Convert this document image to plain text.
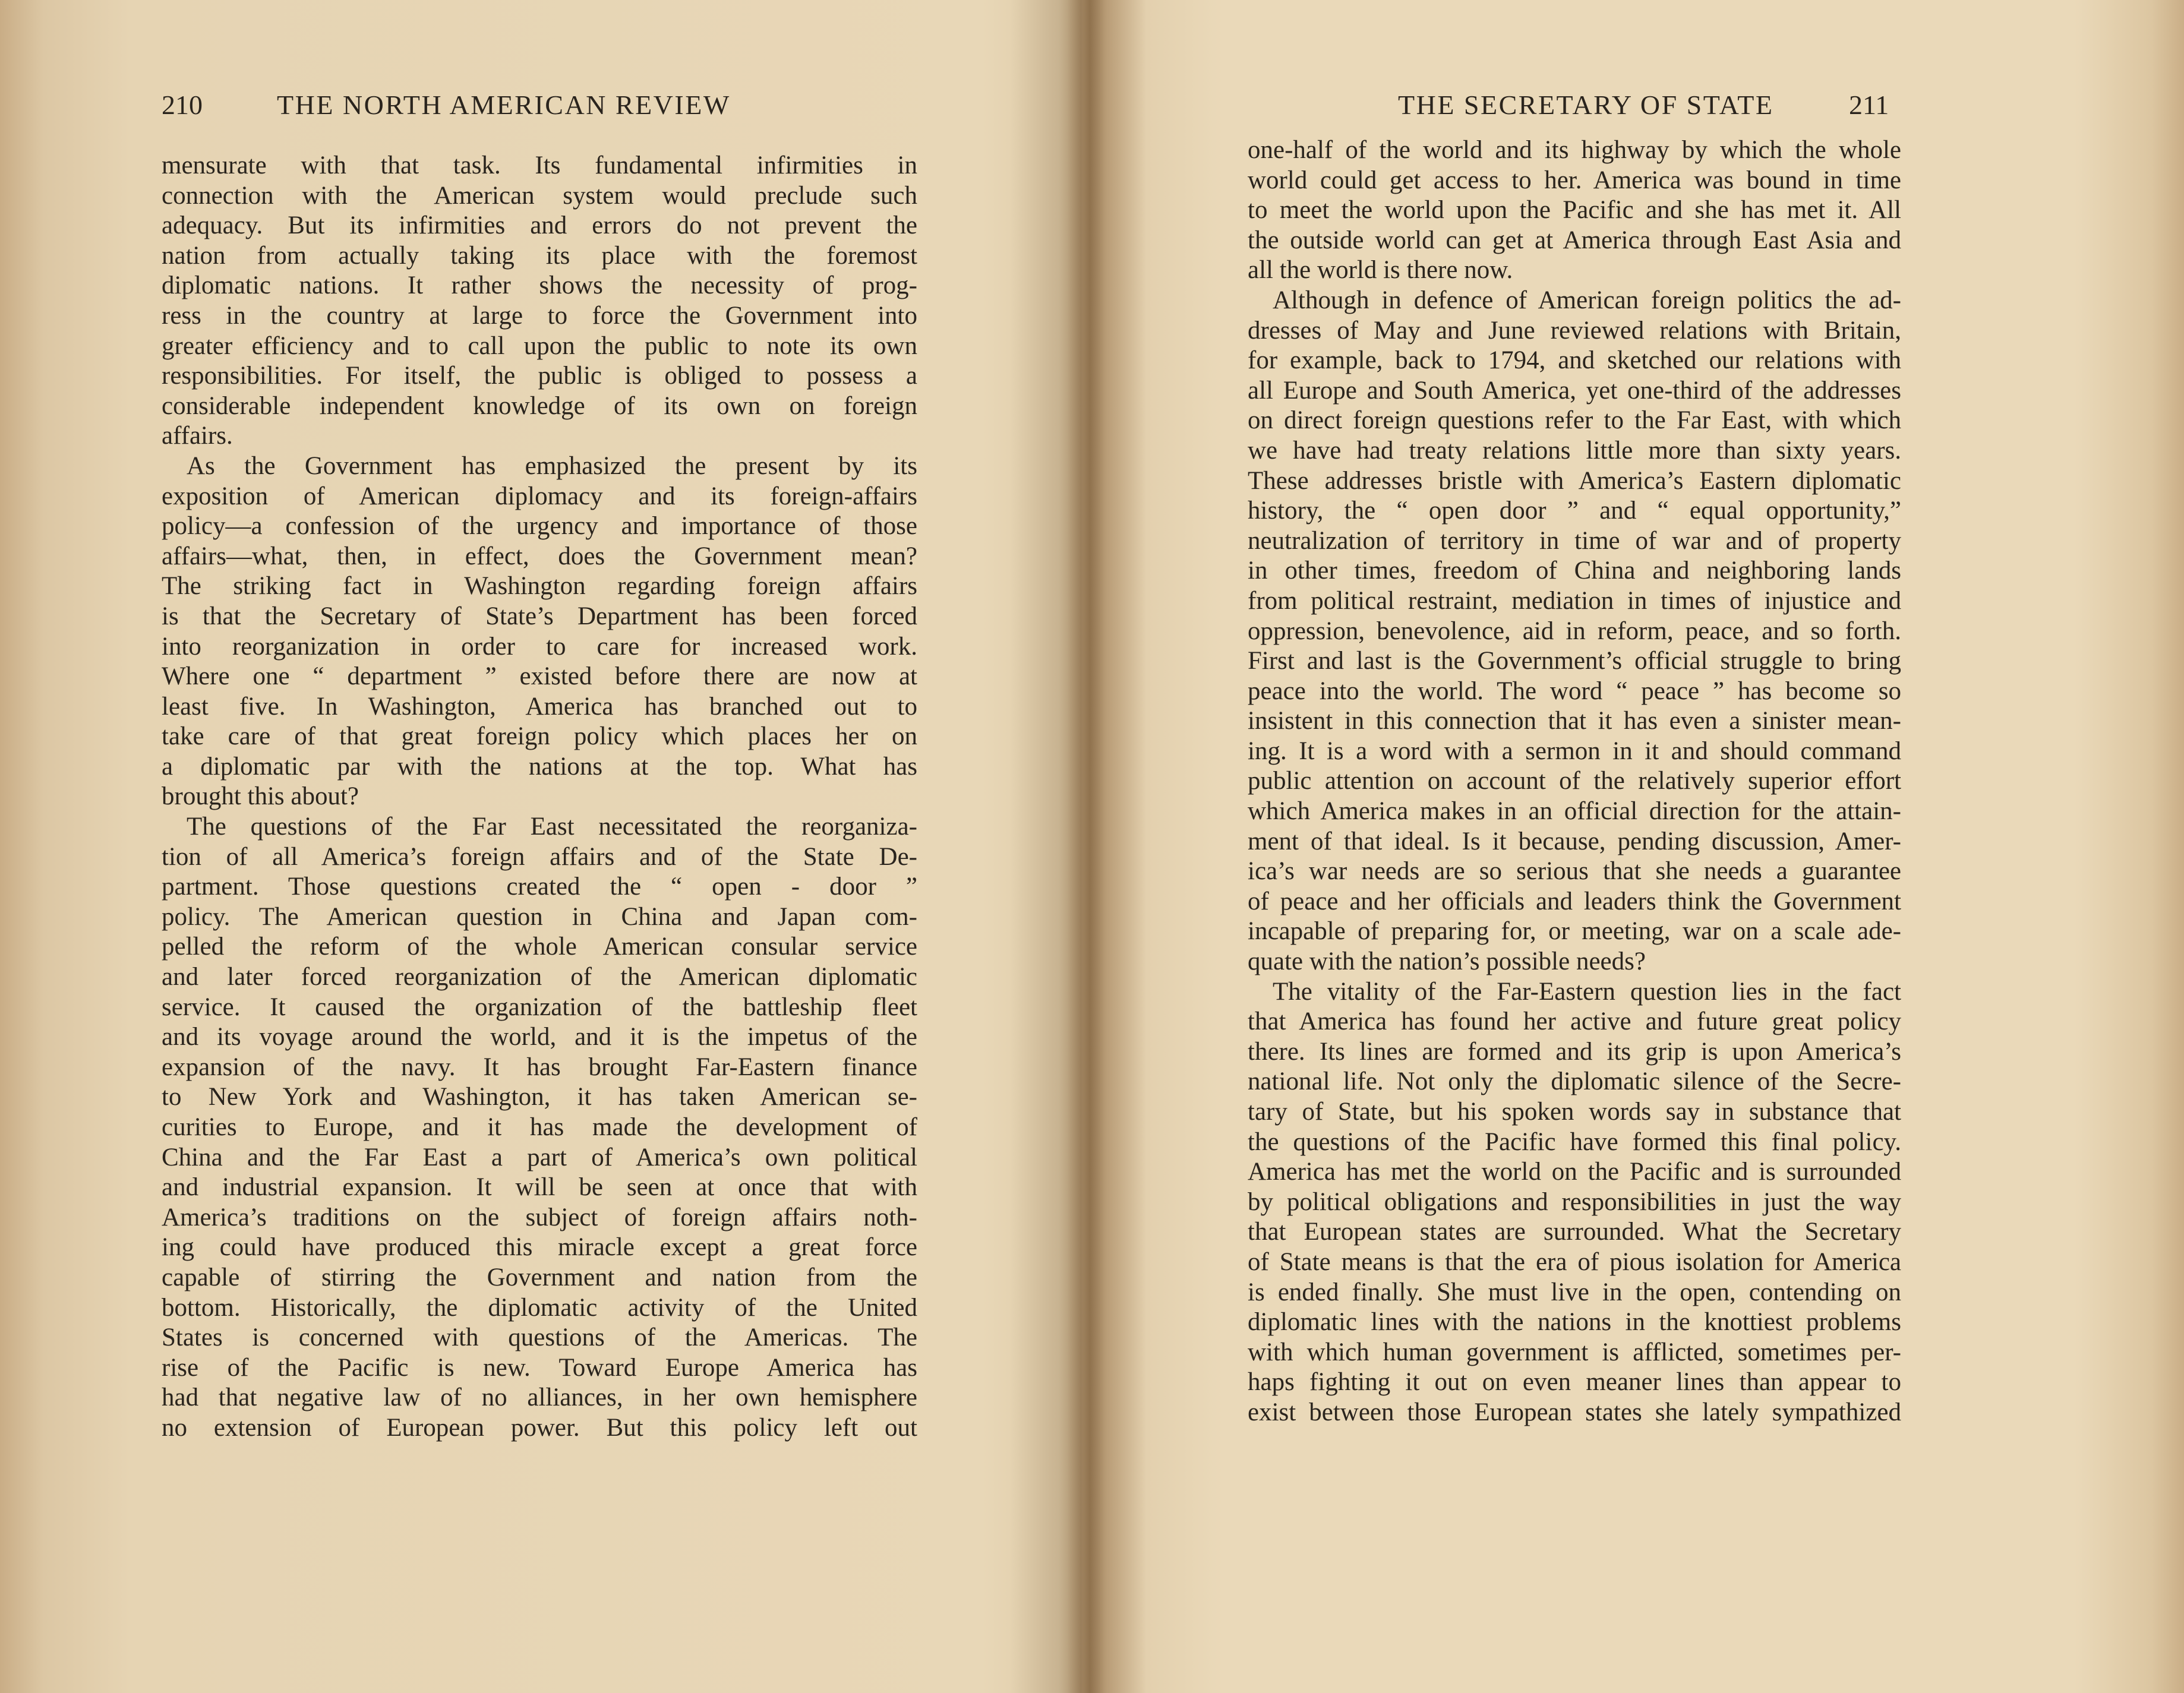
210	THE NORTH AMERICAN REVIEW
mensurate with that task. Its fundamental infirmities in
connection with the American system would preclude such
adequacy. But its infirmities and errors do not prevent the
nation from actually taking its place with the foremost
diplomatic nations. It rather shows the necessity of prog-
ress in the country at large to force the Government into
greater efficiency and to call upon the public to note its own
responsibilities. For itself, the public is obliged to possess a
considerable independent knowledge of its own on foreign
affairs.
As the Government has emphasized the present by its
exposition of American diplomacy and its foreign-affairs
policy—a confession of the urgency and importance of those
affairs—what, then, in effect, does the Government mean?
The striking fact in Washington regarding foreign affairs
is that the Secretary of State’s Department has been forced
into reorganization in order to care for increased work.
Where one “ department ” existed before there are now at
least five. In Washington, America has branched out to
take care of that great foreign policy which places her on
a diplomatic par with the nations at the top. What has
brought this about?
The questions of the Far East necessitated the reorganiza-
tion of all America’s foreign affairs and of the State De-
partment. Those questions created the “ open - door ”
policy. The American question in China and Japan com-
pelled the reform of the whole American consular service
and later forced reorganization of the American diplomatic
service. It caused the organization of the battleship fleet
and its voyage around the world, and it is the impetus of the
expansion of the navy. It has brought Far-Eastern finance
to New York and Washington, it has taken American se-
curities to Europe, and it has made the development of
China and the Far East a part of America’s own political
and industrial expansion. It will be seen at once that with
America’s traditions on the subject of foreign affairs noth-
ing could have produced this miracle except a great force
capable of stirring the Government and nation from the
bottom. Historically, the diplomatic activity of the United
States is concerned with questions of the Americas. The
rise of the Pacific is new. Toward Europe America has
had that negative law of no alliances, in her own hemisphere
no extension of European power. But this policy left out
THE SECRETARY OF STATE	211
one-half of the world and its highway by which the whole
world could get access to her. America was bound in time
to meet the world upon the Pacific and she has met it. All
the outside world can get at America through East Asia and
all the world is there now.
Although in defence of American foreign politics the ad-
dresses of May and June reviewed relations with Britain,
for example, back to 1794, and sketched our relations with
all Europe and South America, yet one-third of the addresses
on direct foreign questions refer to the Far East, with which
we have had treaty relations little more than sixty years.
These addresses bristle with America’s Eastern diplomatic
history, the “ open door ” and “ equal opportunity,”
neutralization of territory in time of war and of property
in other times, freedom of China and neighboring lands
from political restraint, mediation in times of injustice and
oppression, benevolence, aid in reform, peace, and so forth.
First and last is the Government’s official struggle to bring
peace into the world. The word “ peace ” has become so
insistent in this connection that it has even a sinister mean-
ing. It is a word with a sermon in it and should command
public attention on account of the relatively superior effort
which America makes in an official direction for the attain-
ment of that ideal. Is it because, pending discussion, Amer-
ica’s war needs are so serious that she needs a guarantee
of peace and her officials and leaders think the Government
incapable of preparing for, or meeting, war on a scale ade-
quate with the nation’s possible needs?
The vitality of the Far-Eastern question lies in the fact
that America has found her active and future great policy
there. Its lines are formed and its grip is upon America’s
national life. Not only the diplomatic silence of the Secre-
tary of State, but his spoken words say in substance that
the questions of the Pacific have formed this final policy.
America has met the world on the Pacific and is surrounded
by political obligations and responsibilities in just the way
that European states are surrounded. What the Secretary
of State means is that the era of pious isolation for America
is ended finally. She must live in the open, contending on
diplomatic lines with the nations in the knottiest problems
with which human government is afflicted, sometimes per-
haps fighting it out on even meaner lines than appear to
exist between those European states she lately sympathized
